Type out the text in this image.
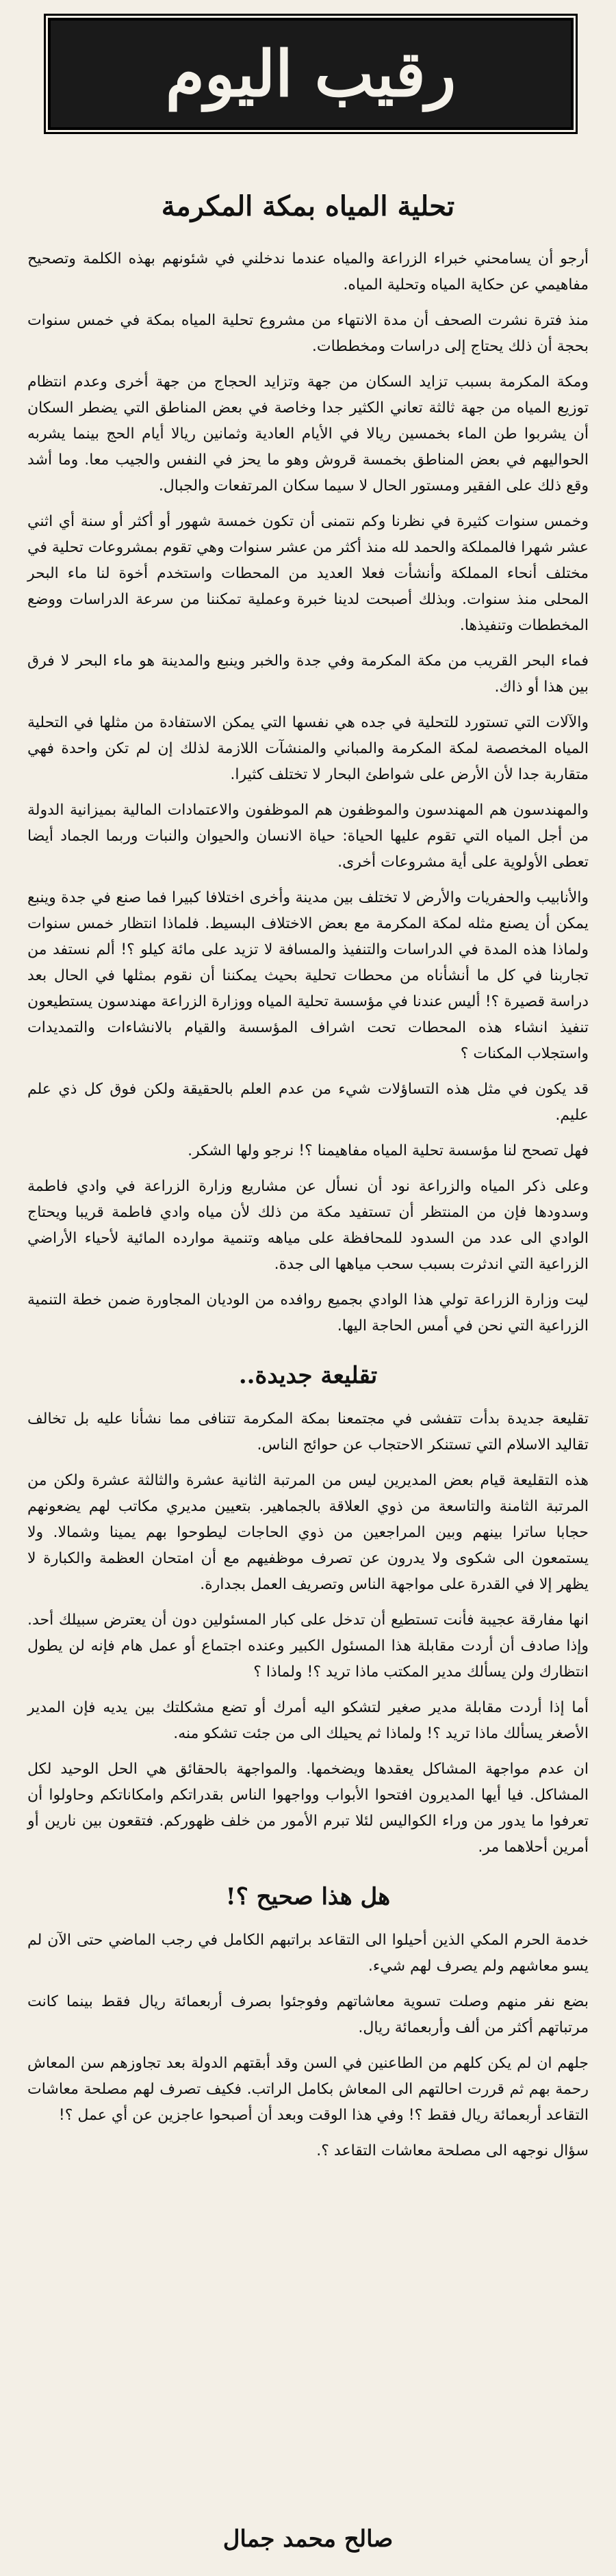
رقيب اليوم
تحلية المياه بمكة المكرمة

أرجو أن يسامحني خبراء الزراعة والمياه عندما ندخلني في شئونهم بهذه الكلمة وتصحيح مفاهيمي عن حكاية المياه وتحلية المياه.

منذ فترة نشرت الصحف أن مدة الانتهاء من مشروع تحلية المياه بمكة في خمس سنوات بحجة أن ذلك يحتاج إلى دراسات ومخططات.

ومكة المكرمة بسبب تزايد السكان من جهة وتزايد الحجاج من جهة أخرى وعدم انتظام توزيع المياه من جهة ثالثة تعاني الكثير جدا وخاصة في بعض المناطق التي يضطر السكان أن يشربوا طن الماء بخمسين ريالا في الأيام العادية وثمانين ريالا أيام الحج بينما يشربه الحواليهم في بعض المناطق بخمسة قروش وهو ما يحز في النفس والجيب معا. وما أشد وقع ذلك على الفقير ومستور الحال لا سيما سكان المرتفعات والجبال.

وخمس سنوات كثيرة في نظرنا وكم نتمنى أن تكون خمسة شهور أو أكثر أو سنة أي اثني عشر شهرا فالمملكة والحمد لله منذ أكثر من عشر سنوات وهي تقوم بمشروعات تحلية في مختلف أنحاء المملكة وأنشأت فعلا العديد من المحطات واستخدم أخوة لنا ماء البحر المحلى منذ سنوات. وبذلك أصبحت لدينا خبرة وعملية تمكننا من سرعة الدراسات ووضع المخططات وتنفيذها.

فماء البحر القريب من مكة المكرمة وفي جدة والخبر وينبع والمدينة هو ماء البحر لا فرق بين هذا أو ذاك.

والآلات التي تستورد للتحلية في جده هي نفسها التي يمكن الاستفادة من مثلها في التحلية المياه المخصصة لمكة المكرمة والمباني والمنشآت اللازمة لذلك إن لم تكن واحدة فهي متقاربة جدا لأن الأرض على شواطئ البحار لا تختلف كثيرا.

والمهندسون هم المهندسون والموظفون هم الموظفون والاعتمادات المالية بميزانية الدولة من أجل المياه التي تقوم عليها الحياة: حياة الانسان والحيوان والنبات وربما الجماد أيضا تعطى الأولوية على أية مشروعات أخرى.

والأنابيب والحفريات والأرض لا تختلف بين مدينة وأخرى اختلافا كبيرا فما صنع في جدة وينبع يمكن أن يصنع مثله لمكة المكرمة مع بعض الاختلاف البسيط. فلماذا انتظار خمس سنوات ولماذا هذه المدة في الدراسات والتنفيذ والمسافة لا تزيد على مائة كيلو ؟! ألم نستفد من تجاربنا في كل ما أنشأناه من محطات تحلية بحيث يمكننا أن نقوم بمثلها في الحال بعد دراسة قصيرة ؟! أليس عندنا في مؤسسة تحلية المياه ووزارة الزراعة مهندسون يستطيعون تنفيذ انشاء هذه المحطات تحت اشراف المؤسسة والقيام بالانشاءات والتمديدات واستجلاب المكنات ؟

قد يكون في مثل هذه التساؤلات شيء من عدم العلم بالحقيقة ولكن فوق كل ذي علم عليم.

فهل تصحح لنا مؤسسة تحلية المياه مفاهيمنا ؟! نرجو ولها الشكر.

وعلى ذكر المياه والزراعة نود أن نسأل عن مشاريع وزارة الزراعة في وادي فاطمة وسدودها فإن من المنتظر أن تستفيد مكة من ذلك لأن مياه وادي فاطمة قريبا ويحتاج الوادي الى عدد من السدود للمحافظة على مياهه وتنمية موارده المائية لأحياء الأراضي الزراعية التي اندثرت بسبب سحب مياهها الى جدة.

ليت وزارة الزراعة تولي هذا الوادي بجميع روافده من الوديان المجاورة ضمن خطة التنمية الزراعية التي نحن في أمس الحاجة اليها.

تقليعة جديدة..

تقليعة جديدة بدأت تتفشى في مجتمعنا بمكة المكرمة تتنافى مما نشأنا عليه بل تخالف تقاليد الاسلام التي تستنكر الاحتجاب عن حوائج الناس.

هذه التقليعة قيام بعض المديرين ليس من المرتبة الثانية عشرة والثالثة عشرة ولكن من المرتبة الثامنة والتاسعة من ذوي العلاقة بالجماهير. بتعيين مديري مكاتب لهم يضعونهم حجابا ساترا بينهم وبين المراجعين من ذوي الحاجات ليطوحوا بهم يمينا وشمالا. ولا يستمعون الى شكوى ولا يدرون عن تصرف موظفيهم مع أن امتحان العظمة والكبارة لا يظهر إلا في القدرة على مواجهة الناس وتصريف العمل بجدارة.

انها مفارقة عجيبة فأنت تستطيع أن تدخل على كبار المسئولين دون أن يعترض سبيلك أحد. وإذا صادف أن أردت مقابلة هذا المسئول الكبير وعنده اجتماع أو عمل هام فإنه لن يطول انتظارك ولن يسألك مدير المكتب ماذا تريد ؟! ولماذا ؟

أما إذا أردت مقابلة مدير صغير لتشكو اليه أمرك أو تضع مشكلتك بين يديه فإن المدير الأصغر يسألك ماذا تريد ؟! ولماذا ثم يحيلك الى من جئت تشكو منه.

ان عدم مواجهة المشاكل يعقدها ويضخمها. والمواجهة بالحقائق هي الحل الوحيد لكل المشاكل. فيا أيها المديرون افتحوا الأبواب وواجهوا الناس بقدراتكم وامكاناتكم وحاولوا أن تعرفوا ما يدور من وراء الكواليس لئلا تبرم الأمور من خلف ظهوركم. فتقعون بين نارين أو أمرين أحلاهما مر.

هل هذا صحيح ؟!

خدمة الحرم المكي الذين أحيلوا الى التقاعد براتبهم الكامل في رجب الماضي حتى الآن لم يسو معاشهم ولم يصرف لهم شيء.

بضع نفر منهم وصلت تسوية معاشاتهم وفوجئوا بصرف أربعمائة ريال فقط بينما كانت مرتباتهم أكثر من ألف وأربعمائة ريال.

جلهم ان لم يكن كلهم من الطاعنين في السن وقد أبقتهم الدولة بعد تجاوزهم سن المعاش رحمة بهم ثم قررت احالتهم الى المعاش بكامل الراتب. فكيف تصرف لهم مصلحة معاشات التقاعد أربعمائة ريال فقط ؟! وفي هذا الوقت وبعد أن أصبحوا عاجزين عن أي عمل ؟!

سؤال نوجهه الى مصلحة معاشات التقاعد ؟.

صالح محمد جمال
